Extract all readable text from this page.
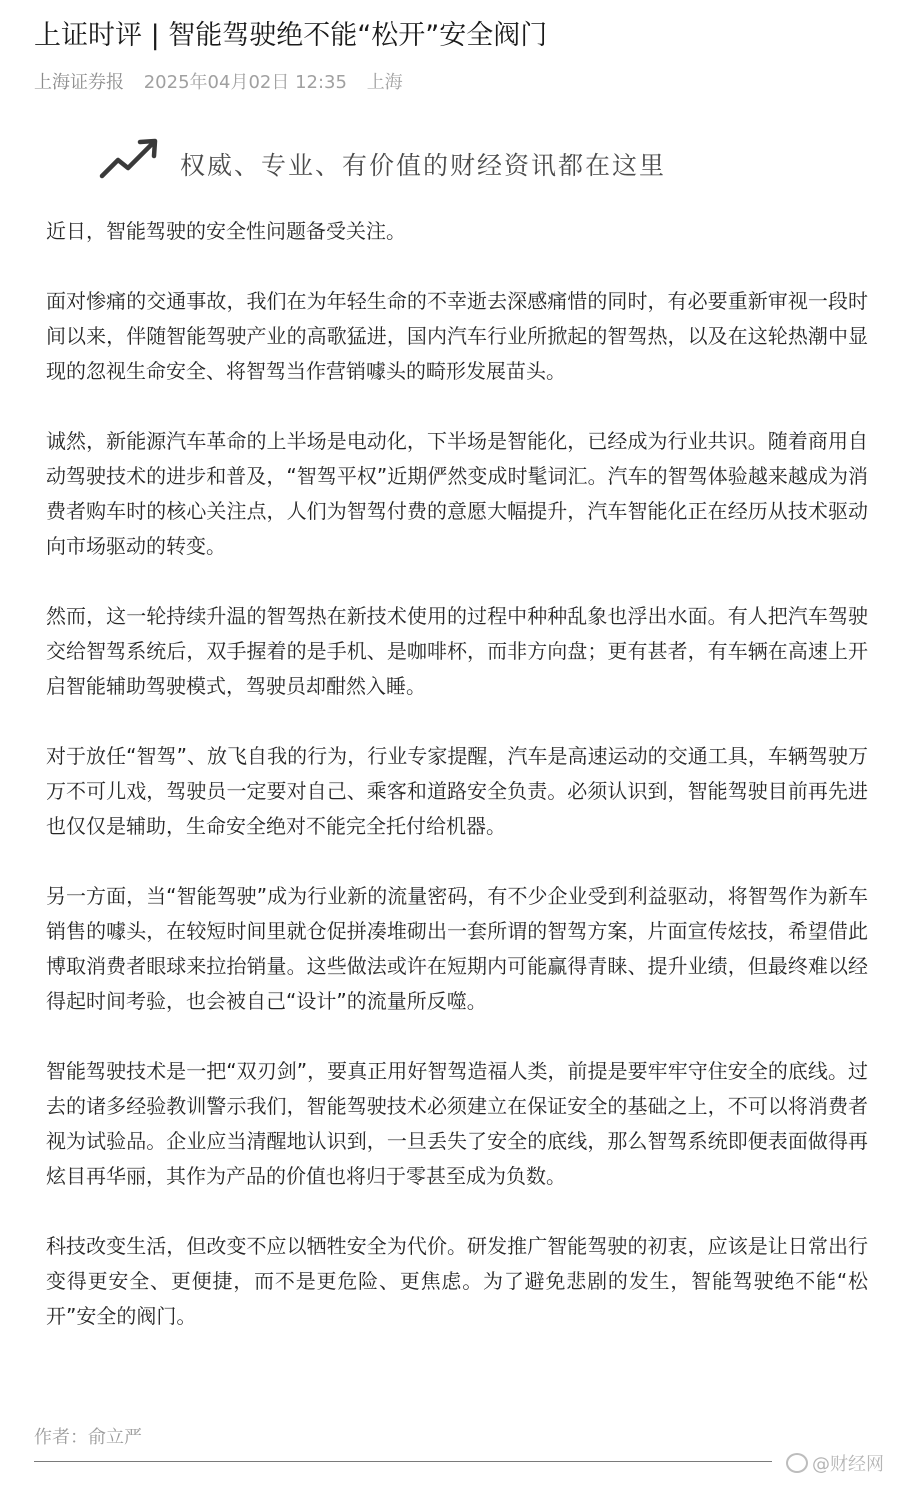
上证时评 | 智能驾驶绝不能“松开”安全阀门
上海证券报 2025年04月02日 12:35 上海
权威、专业、有价值的财经资讯都在这里

近日，智能驾驶的安全性问题备受关注。

面对惨痛的交通事故，我们在为年轻生命的不幸逝去深感痛惜的同时，有必要重新审视一段时间以来，伴随智能驾驶产业的高歌猛进，国内汽车行业所掀起的智驾热，以及在这轮热潮中显现的忽视生命安全、将智驾当作营销噱头的畸形发展苗头。

诚然，新能源汽车革命的上半场是电动化，下半场是智能化，已经成为行业共识。随着商用自动驾驶技术的进步和普及，“智驾平权”近期俨然变成时髦词汇。汽车的智驾体验越来越成为消费者购车时的核心关注点，人们为智驾付费的意愿大幅提升，汽车智能化正在经历从技术驱动向市场驱动的转变。

然而，这一轮持续升温的智驾热在新技术使用的过程中种种乱象也浮出水面。有人把汽车驾驶交给智驾系统后，双手握着的是手机、是咖啡杯，而非方向盘；更有甚者，有车辆在高速上开启智能辅助驾驶模式，驾驶员却酣然入睡。

对于放任“智驾”、放飞自我的行为，行业专家提醒，汽车是高速运动的交通工具，车辆驾驶万万不可儿戏，驾驶员一定要对自己、乘客和道路安全负责。必须认识到，智能驾驶目前再先进也仅仅是辅助，生命安全绝对不能完全托付给机器。

另一方面，当“智能驾驶”成为行业新的流量密码，有不少企业受到利益驱动，将智驾作为新车销售的噱头，在较短时间里就仓促拼凑堆砌出一套所谓的智驾方案，片面宣传炫技，希望借此博取消费者眼球来拉抬销量。这些做法或许在短期内可能赢得青睐、提升业绩，但最终难以经得起时间考验，也会被自己“设计”的流量所反噬。

智能驾驶技术是一把“双刃剑”，要真正用好智驾造福人类，前提是要牢牢守住安全的底线。过去的诸多经验教训警示我们，智能驾驶技术必须建立在保证安全的基础之上，不可以将消费者视为试验品。企业应当清醒地认识到，一旦丢失了安全的底线，那么智驾系统即便表面做得再炫目再华丽，其作为产品的价值也将归于零甚至成为负数。

科技改变生活，但改变不应以牺牲安全为代价。研发推广智能驾驶的初衷，应该是让日常出行变得更安全、更便捷，而不是更危险、更焦虑。为了避免悲剧的发生，智能驾驶绝不能“松开”安全的阀门。

作者：俞立严
@财经网
